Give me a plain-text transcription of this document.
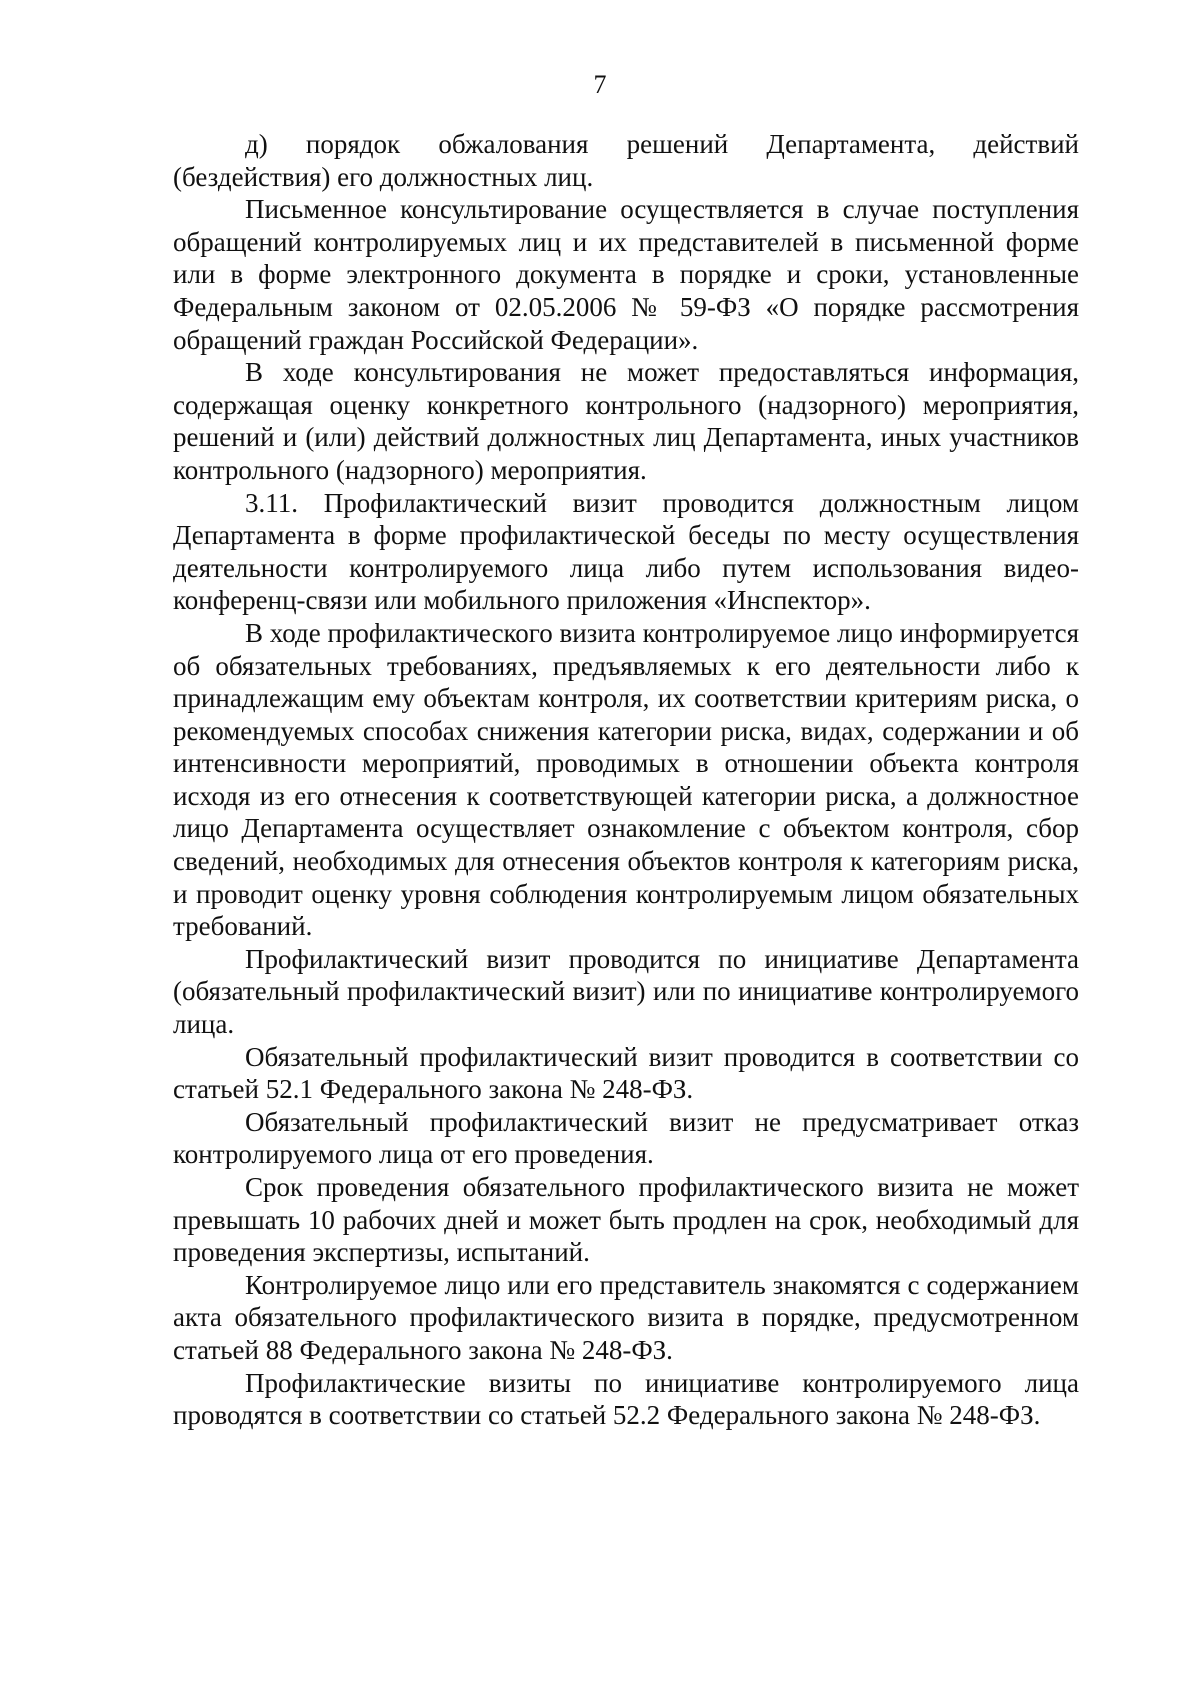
7

д) порядок обжалования решений Департамента, действий (бездействия) его должностных лиц.

Письменное консультирование осуществляется в случае поступления обращений контролируемых лиц и их представителей в письменной форме или в форме электронного документа в порядке и сроки, установленные Федеральным законом от 02.05.2006 № 59-ФЗ «О порядке рассмотрения обращений граждан Российской Федерации».

В ходе консультирования не может предоставляться информация, содержащая оценку конкретного контрольного (надзорного) мероприятия, решений и (или) действий должностных лиц Департамента, иных участников контрольного (надзорного) мероприятия.

3.11. Профилактический визит проводится должностным лицом Департамента в форме профилактической беседы по месту осуществления деятельности контролируемого лица либо путем использования видео-конференц-связи или мобильного приложения «Инспектор».

В ходе профилактического визита контролируемое лицо информируется об обязательных требованиях, предъявляемых к его деятельности либо к принадлежащим ему объектам контроля, их соответствии критериям риска, о рекомендуемых способах снижения категории риска, видах, содержании и об интенсивности мероприятий, проводимых в отношении объекта контроля исходя из его отнесения к соответствующей категории риска, а должностное лицо Департамента осуществляет ознакомление с объектом контроля, сбор сведений, необходимых для отнесения объектов контроля к категориям риска, и проводит оценку уровня соблюдения контролируемым лицом обязательных требований.

Профилактический визит проводится по инициативе Департамента (обязательный профилактический визит) или по инициативе контролируемого лица.

Обязательный профилактический визит проводится в соответствии со статьей 52.1 Федерального закона № 248-ФЗ.

Обязательный профилактический визит не предусматривает отказ контролируемого лица от его проведения.

Срок проведения обязательного профилактического визита не может превышать 10 рабочих дней и может быть продлен на срок, необходимый для проведения экспертизы, испытаний.

Контролируемое лицо или его представитель знакомятся с содержанием акта обязательного профилактического визита в порядке, предусмотренном статьей 88 Федерального закона № 248-ФЗ.

Профилактические визиты по инициативе контролируемого лица проводятся в соответствии со статьей 52.2 Федерального закона № 248-ФЗ.
